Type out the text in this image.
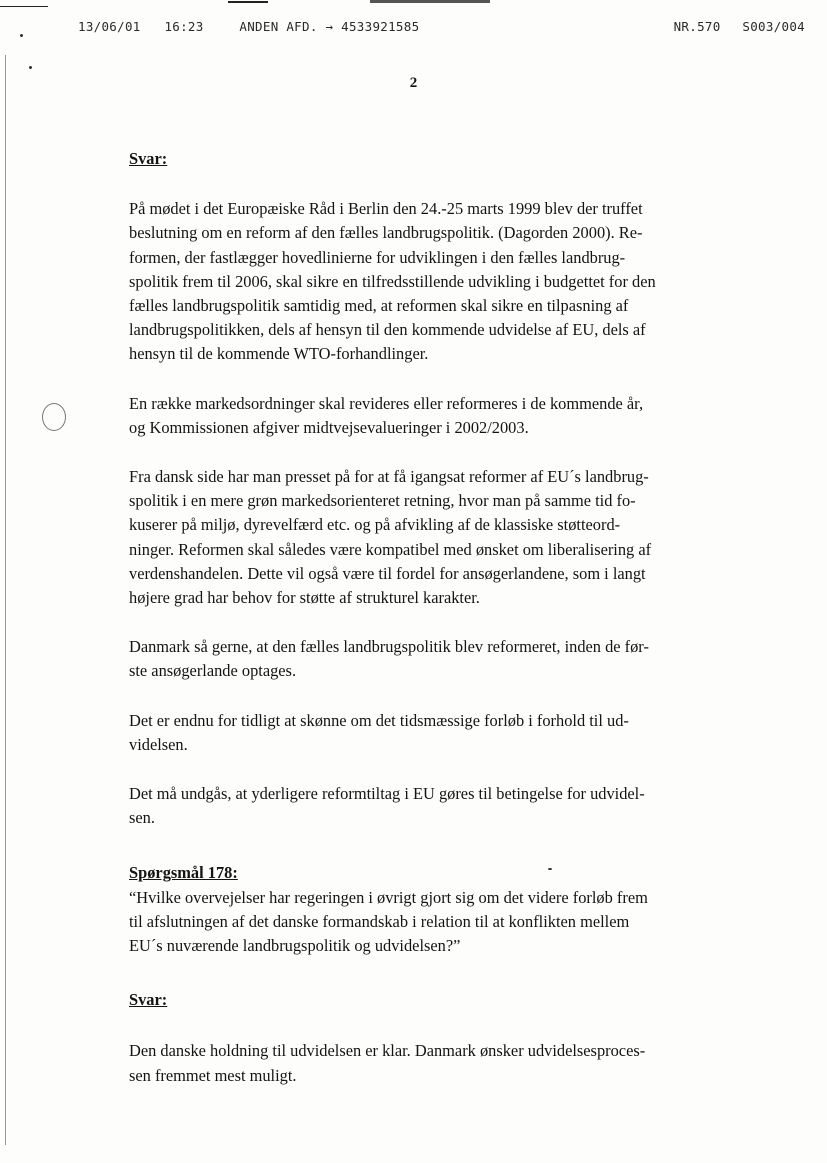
13/06/01 16:23	ANDEN AFD. → 4533921585	NR.570 S003/004
2

Svar:

På mødet i det Europæiske Råd i Berlin den 24.-25 marts 1999 blev der truffet
beslutning om en reform af den fælles landbrugspolitik. (Dagorden 2000). Re-
formen, der fastlægger hovedlinierne for udviklingen i den fælles landbrug-
spolitik frem til 2006, skal sikre en tilfredsstillende udvikling i budgettet for den
fælles landbrugspolitik samtidig med, at reformen skal sikre en tilpasning af
landbrugspolitikken, dels af hensyn til den kommende udvidelse af EU, dels af
hensyn til de kommende WTO-forhandlinger.

En række markedsordninger skal revideres eller reformeres i de kommende år,
og Kommissionen afgiver midtvejsevalueringer i 2002/2003.

Fra dansk side har man presset på for at få igangsat reformer af EU´s landbrug-
spolitik i en mere grøn markedsorienteret retning, hvor man på samme tid fo-
kuserer på miljø, dyrevelfærd etc. og på afvikling af de klassiske støtteord-
ninger. Reformen skal således være kompatibel med ønsket om liberalisering af
verdenshandelen. Dette vil også være til fordel for ansøgerlandene, som i langt
højere grad har behov for støtte af strukturel karakter.

Danmark så gerne, at den fælles landbrugspolitik blev reformeret, inden de før-
ste ansøgerlande optages.

Det er endnu for tidligt at skønne om det tidsmæssige forløb i forhold til ud-
videlsen.

Det må undgås, at yderligere reformtiltag i EU gøres til betingelse for udvidel-
sen.

Spørgsmål 178:

“Hvilke overvejelser har regeringen i øvrigt gjort sig om det videre forløb frem
til afslutningen af det danske formandskab i relation til at konflikten mellem
EU´s nuværende landbrugspolitik og udvidelsen?”

Svar:

Den danske holdning til udvidelsen er klar. Danmark ønsker udvidelsesproces-
sen fremmet mest muligt.
